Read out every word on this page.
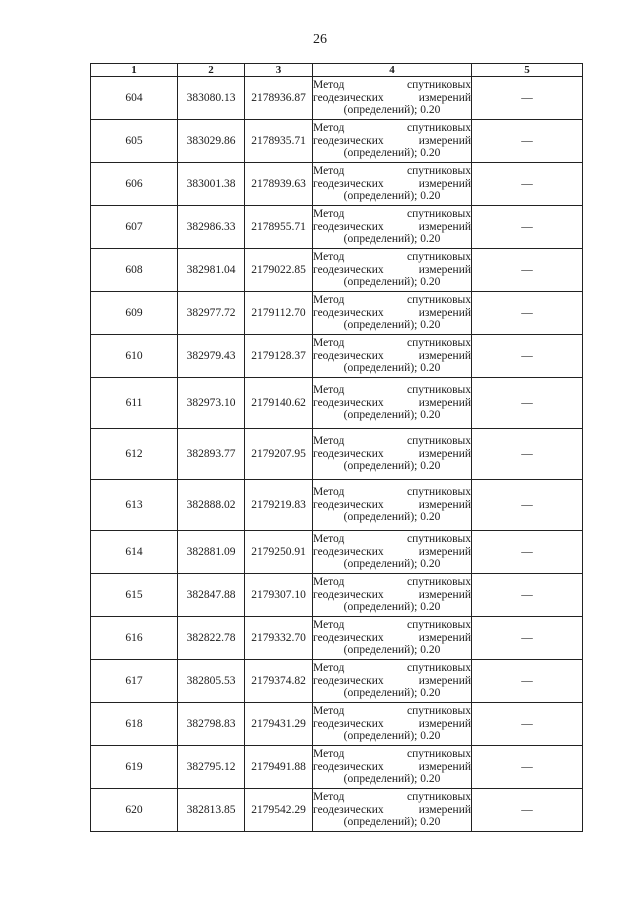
26
1	2	3	4	5
604	383080.13	2178936.87	Метод спутниковых
геодезических измерений
(определений); 0.20	—
605	383029.86	2178935.71	Метод спутниковых
геодезических измерений
(определений); 0.20	—
606	383001.38	2178939.63	Метод спутниковых
геодезических измерений
(определений); 0.20	—
607	382986.33	2178955.71	Метод спутниковых
геодезических измерений
(определений); 0.20	—
608	382981.04	2179022.85	Метод спутниковых
геодезических измерений
(определений); 0.20	—
609	382977.72	2179112.70	Метод спутниковых
геодезических измерений
(определений); 0.20	—
610	382979.43	2179128.37	Метод спутниковых
геодезических измерений
(определений); 0.20	—
611	382973.10	2179140.62	Метод спутниковых
геодезических измерений
(определений); 0.20	—
612	382893.77	2179207.95	Метод спутниковых
геодезических измерений
(определений); 0.20	—
613	382888.02	2179219.83	Метод спутниковых
геодезических измерений
(определений); 0.20	—
614	382881.09	2179250.91	Метод спутниковых
геодезических измерений
(определений); 0.20	—
615	382847.88	2179307.10	Метод спутниковых
геодезических измерений
(определений); 0.20	—
616	382822.78	2179332.70	Метод спутниковых
геодезических измерений
(определений); 0.20	—
617	382805.53	2179374.82	Метод спутниковых
геодезических измерений
(определений); 0.20	—
618	382798.83	2179431.29	Метод спутниковых
геодезических измерений
(определений); 0.20	—
619	382795.12	2179491.88	Метод спутниковых
геодезических измерений
(определений); 0.20	—
620	382813.85	2179542.29	Метод спутниковых
геодезических измерений
(определений); 0.20	—
